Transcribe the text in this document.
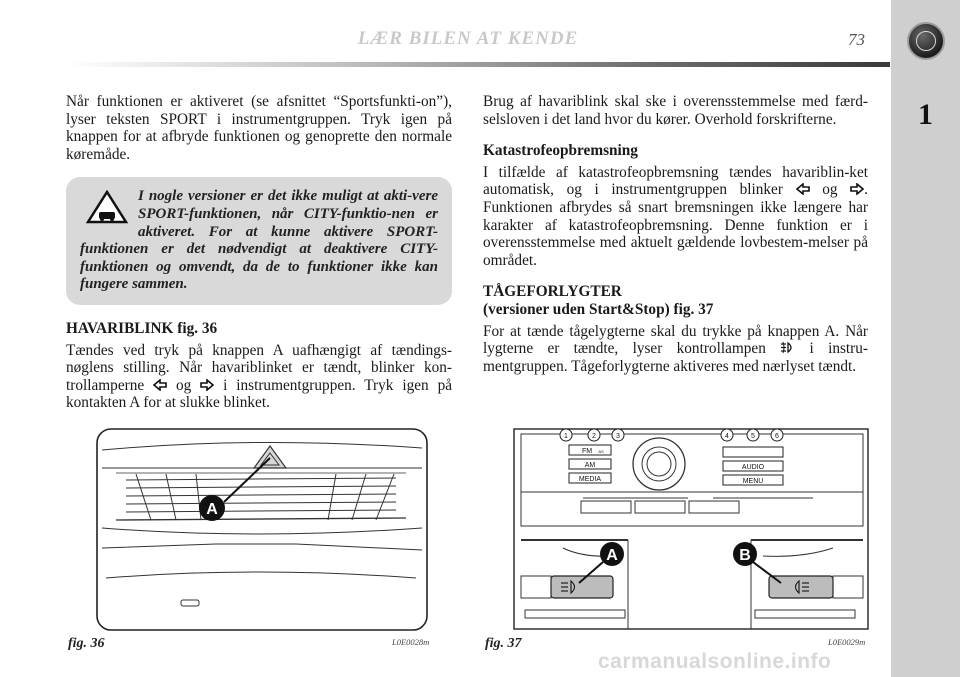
LÆR BILEN AT KENDE	73
1

Når funktionen er aktiveret (se afsnittet “Sportsfunkti-on”), lyser teksten SPORT i instrumentgruppen. Tryk igen på knappen for at afbryde funktionen og genoprette den normale køremåde.

I nogle versioner er det ikke muligt at akti-vere SPORT-funktionen, når CITY-funktio-nen er aktiveret. For at kunne aktivere SPORT-funktionen er det nødvendigt at deaktivere CITY-funktionen og omvendt, da de to funktioner ikke kan fungere sammen.
HAVARIBLINK fig. 36

Tændes ved tryk på knappen A uafhængigt af tændings-nøglens stilling. Når havariblinket er tændt, blinker kon-trollamperne og i instrumentgruppen. Tryk igen på kontakten A for at slukke blinket.

Brug af havariblink skal ske i overensstemmelse med færd-selsloven i det land hvor du kører. Overhold forskrifterne.

Katastrofeopbremsning

I tilfælde af katastrofeopbremsning tændes havariblin-ket automatisk, og i instrumentgruppen blinker	og . Funktionen afbrydes så snart bremsningen ikke længere har karakter af katastrofeopbremsning. Denne funktion er i overensstemmelse med aktuelt gældende lovbestem-melser på området.

TÅGEFORLYGTER
(versioner uden Start&Stop) fig. 37

For at tænde tågelygterne skal du trykke på knappen A. Når lygterne er tændte, lyser kontrollampen	i instru-mentgruppen. Tågeforlygterne aktiveres med nærlyset tændt.

A
fig. 36	L0E0028m
1	2	3	4	5	6
FM AS
AM
MEDIA
AUDIO
MENU
A	B
fig. 37	L0E0029m
carmanualsonline.info
